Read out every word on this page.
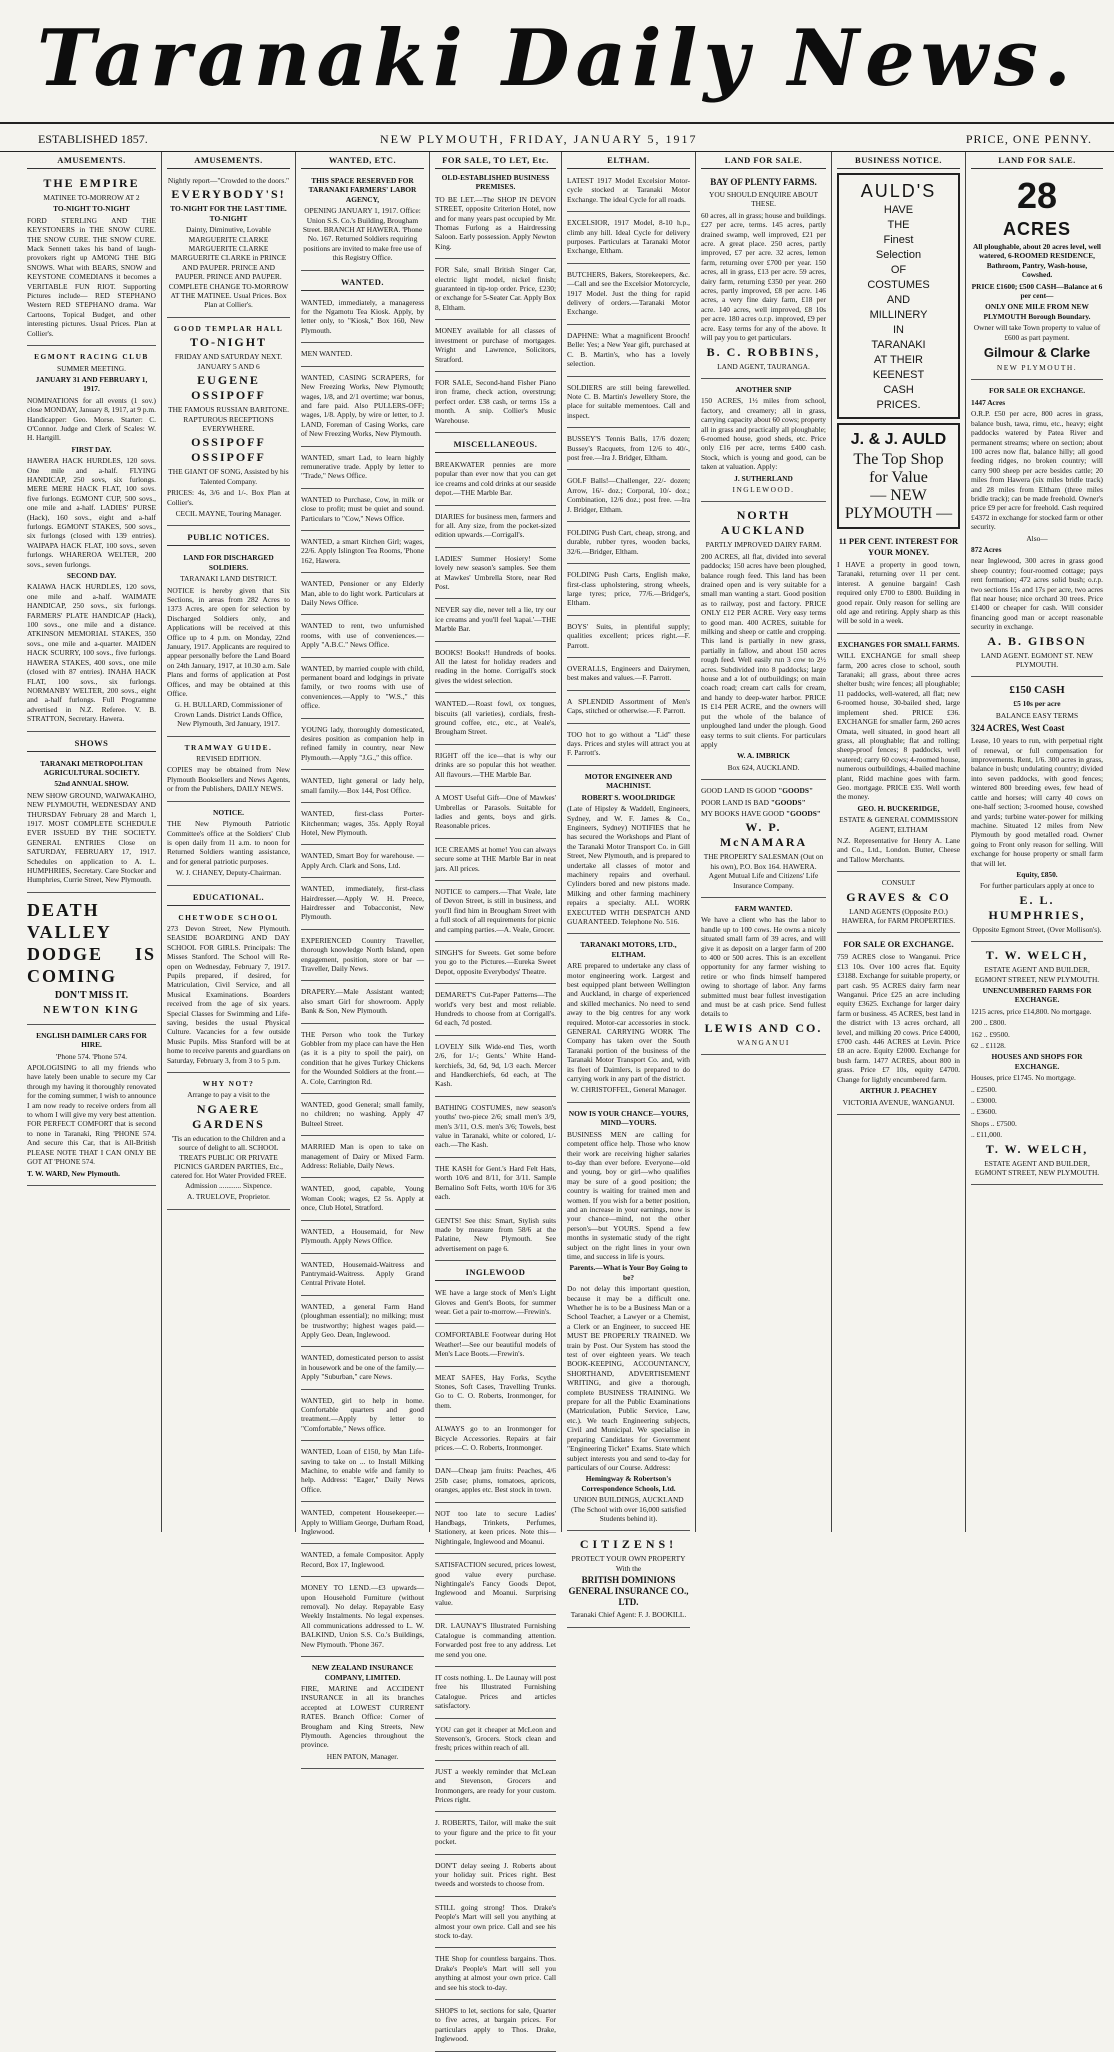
Taranaki Daily News.
ESTABLISHED 1857.	NEW PLYMOUTH, FRIDAY, JANUARY 5, 1917	PRICE, ONE PENNY.
AMUSEMENTS.

THE EMPIRE

MATINEE TO-MORROW AT 2

TO-NIGHT TO-NIGHT

FORD STERLING AND THE KEYSTONERS in THE SNOW CURE. THE SNOW CURE. THE SNOW CURE. Mack Sennett takes his band of laugh-provokers right up AMONG THE BIG SNOWS. What with BEARS, SNOW and KEYSTONE COMEDIANS it becomes a VERITABLE FUN RIOT. Supporting Pictures include— RED STEPHANO Western RED STEPHANO drama. War Cartoons, Topical Budget, and other interesting pictures. Usual Prices. Plan at Collier's.

EGMONT RACING CLUB

SUMMER MEETING.

JANUARY 31 AND FEBRUARY 1, 1917.

NOMINATIONS for all events (1 sov.) close MONDAY, January 8, 1917, at 9 p.m. Handicapper: Geo. Morse. Starter: C. O'Connor. Judge and Clerk of Scales: W. H. Hartgill.

FIRST DAY.

HAWERA HACK HURDLES, 120 sovs. One mile and a-half. FLYING HANDICAP, 250 sovs, six furlongs. MERE MERE HACK FLAT, 100 sovs. five furlongs. EGMONT CUP, 500 sovs., one mile and a-half. LADIES' PURSE (Hack), 160 sovs., eight and a-half furlongs. EGMONT STAKES, 500 sovs., six furlongs (closed with 139 entries). WAIPAPA HACK FLAT, 100 sovs., seven furlongs. WHAREROA WELTER, 200 sovs., seven furlongs.

SECOND DAY.

KAIAWA HACK HURDLES, 120 sovs, one mile and a-half. WAIMATE HANDICAP, 250 sovs., six furlongs. FARMERS' PLATE HANDICAP (Hack), 100 sovs., one mile and a distance. ATKINSON MEMORIAL STAKES, 350 sovs., one mile and a-quarter. MAIDEN HACK SCURRY, 100 sovs., five furlongs. HAWERA STAKES, 400 sovs., one mile (closed with 87 entries). INAHA HACK FLAT, 100 sovs., six furlongs. NORMANBY WELTER, 200 sovs., eight and a-half furlongs. Full Programme advertised in N.Z. Referee. V. B. STRATTON, Secretary. Hawera.

SHOWS

TARANAKI METROPOLITAN AGRICULTURAL SOCIETY.

52nd ANNUAL SHOW.

NEW SHOW GROUND, WAIWAKAIHO, NEW PLYMOUTH, WEDNESDAY AND THURSDAY February 28 and March 1, 1917. MOST COMPLETE SCHEDULE EVER ISSUED BY THE SOCIETY. GENERAL ENTRIES Close on SATURDAY, FEBRUARY 17, 1917. Schedules on application to A. L. HUMPHRIES, Secretary. Care Stocker and Humphries, Currie Street, New Plymouth.

DEATH VALLEY DODGE IS COMING

DON'T MISS IT.

NEWTON KING

ENGLISH DAIMLER CARS FOR HIRE.

'Phone 574. 'Phone 574.

APOLOGISING to all my friends who have lately been unable to secure my Car through my having it thoroughly renovated for the coming summer, I wish to announce I am now ready to receive orders from all to whom I will give my very best attention. FOR PERFECT COMFORT that is second to none in Taranaki, Ring 'PHONE 574. And secure this Car, that is All-British PLEASE NOTE THAT I CAN ONLY BE GOT AT 'PHONE 574.

T. W. WARD, New Plymouth.

AMUSEMENTS.

Nightly report—"Crowded to the doors."

EVERYBODY'S!

TO-NIGHT FOR THE LAST TIME. TO-NIGHT

Dainty, Diminutive, Lovable MARGUERITE CLARKE MARGUERITE CLARKE MARGUERITE CLARKE in PRINCE AND PAUPER. PRINCE AND PAUPER. PRINCE AND PAUPER. COMPLETE CHANGE TO-MORROW AT THE MATINEE. Usual Prices. Box Plan at Collier's.

GOOD TEMPLAR HALL

TO-NIGHT

FRIDAY AND SATURDAY NEXT. JANUARY 5 AND 6

EUGENE OSSIPOFF

THE FAMOUS RUSSIAN BARITONE. RAPTUROUS RECEPTIONS EVERYWHERE.

OSSIPOFF OSSIPOFF

THE GIANT OF SONG, Assisted by his Talented Company.

PRICES: 4s, 3/6 and 1/-. Box Plan at Collier's.

CECIL MAYNE, Touring Manager.

PUBLIC NOTICES.

LAND FOR DISCHARGED SOLDIERS.

TARANAKI LAND DISTRICT.

NOTICE is hereby given that Six Sections, in areas from 282 Acres to 1373 Acres, are open for selection by Discharged Soldiers only, and Applications will be received at this Office up to 4 p.m. on Monday, 22nd January, 1917. Applicants are required to appear personally before the Land Board on 24th January, 1917, at 10.30 a.m. Sale Plans and forms of application at Post Offices, and may be obtained at this Office.

G. H. BULLARD, Commissioner of Crown Lands. District Lands Office, New Plymouth, 3rd January, 1917.

TRAMWAY GUIDE.

REVISED EDITION.

COPIES may be obtained from New Plymouth Booksellers and News Agents, or from the Publishers, DAILY NEWS.

NOTICE.

THE New Plymouth Patriotic Committee's office at the Soldiers' Club is open daily from 11 a.m. to noon for Returned Soldiers wanting assistance, and for general patriotic purposes.

W. J. CHANEY, Deputy-Chairman.

EDUCATIONAL.

CHETWODE SCHOOL

273 Devon Street, New Plymouth. SEASIDE BOARDING AND DAY SCHOOL FOR GIRLS. Principals: The Misses Stanford. The School will Re-open on Wednesday, February 7, 1917. Pupils prepared, if desired, for Matriculation, Civil Service, and all Musical Examinations. Boarders received from the age of six years. Special Classes for Swimming and Life-saving, besides the usual Physical Culture. Vacancies for a few outside Music Pupils. Miss Stanford will be at home to receive parents and guardians on Saturday, February 3, from 3 to 5 p.m.

WHY NOT?

Arrange to pay a visit to the

NGAERE GARDENS

'Tis an education to the Children and a source of delight to all. SCHOOL TREATS PUBLIC OR PRIVATE PICNICS GARDEN PARTIES, Etc., catered for. Hot Water Provided FREE. Admission ............ Sixpence.

A. TRUELOVE, Proprietor.

WANTED, ETC.

THIS SPACE RESERVED FOR TARANAKI FARMERS' LABOR AGENCY,

OPENING JANUARY 1, 1917. Office: Union S.S. Co.'s Building, Brougham Street. BRANCH AT HAWERA. 'Phone No. 167. Returned Soldiers requiring positions are invited to make free use of this Registry Office.

WANTED.

WANTED, immediately, a manageress for the Ngamotu Tea Kiosk. Apply, by letter only, to "Kiosk," Box 160, New Plymouth.

MEN WANTED.

WANTED, CASING SCRAPERS, for New Freezing Works, New Plymouth; wages, 1/8, and 2/1 overtime; war bonus, and fare paid. Also PULLERS-OFF; wages, 1/8. Apply, by wire or letter, to J. LAND, Foreman of Casing Works, care of New Freezing Works, New Plymouth.

WANTED, smart Lad, to learn highly remunerative trade. Apply by letter to "Trade," News Office.

WANTED to Purchase, Cow, in milk or close to profit; must be quiet and sound. Particulars to "Cow," News Office.

WANTED, a smart Kitchen Girl; wages, 22/6. Apply Islington Tea Rooms, 'Phone 162, Hawera.

WANTED, Pensioner or any Elderly Man, able to do light work. Particulars at Daily News Office.

WANTED to rent, two unfurnished rooms, with use of conveniences.—Apply "A.B.C." News Office.

WANTED, by married couple with child, permanent board and lodgings in private family, or two rooms with use of conveniences.—Apply to "W.S.," this office.

YOUNG lady, thoroughly domesticated, desires position as companion help in refined family in country, near New Plymouth.—Apply "J.G.," this office.

WANTED, light general or lady help, small family.—Box 144, Post Office.

WANTED, first-class Porter-Kitchenman; wages, 35s. Apply Royal Hotel, New Plymouth.

WANTED, Smart Boy for warehouse. —Apply Arch. Clark and Sons, Ltd.

WANTED, immediately, first-class Hairdresser.—Apply W. H. Preece, Hairdresser and Tobacconist, New Plymouth.

EXPERIENCED Country Traveller, thorough knowledge North Island, open engagement, position, store or bar —Traveller, Daily News.

DRAPERY.—Male Assistant wanted; also smart Girl for showroom. Apply Bank & Son, New Plymouth.

THE Person who took the Turkey Gobbler from my place can have the Hen (as it is a pity to spoil the pair), on condition that he gives Turkey Chickens for the Wounded Soldiers at the front.—A. Cole, Carrington Rd.

WANTED, good General; small family, no children; no washing. Apply 47 Bulteel Street.

MARRIED Man is open to take on management of Dairy or Mixed Farm. Address: Reliable, Daily News.

WANTED, good, capable, Young Woman Cook; wages, £2 5s. Apply at once, Club Hotel, Stratford.

WANTED, a Housemaid, for New Plymouth. Apply News Office.

WANTED, Housemaid-Waitress and Pantrymaid-Waitress. Apply Grand Central Private Hotel.

WANTED, a general Farm Hand (ploughman essential); no milking; must be trustworthy; highest wages paid.—Apply Geo. Dean, Inglewood.

WANTED, domesticated person to assist in housework and be one of the family.—Apply "Suburban," care News.

WANTED, girl to help in home. Comfortable quarters and good treatment.—Apply by letter to "Comfortable," News office.

WANTED, Loan of £150, by Man Life-saving to take on ... to Install Milking Machine, to enable wife and family to help. Address: "Eager," Daily News Office.

WANTED, competent Housekeeper.—Apply to William George, Durham Road, Inglewood.

WANTED, a female Compositor. Apply Record, Box 17, Inglewood.

MONEY TO LEND.—£3 upwards—upon Household Furniture (without removal). No delay. Repayable Easy Weekly Instalments. No legal expenses. All communications addressed to L. W. BALKIND, Union S.S. Co.'s Buildings, New Plymouth. 'Phone 367.

NEW ZEALAND INSURANCE COMPANY, LIMITED.

FIRE, MARINE and ACCIDENT INSURANCE in all its branches accepted at LOWEST CURRENT RATES. Branch Office: Corner of Brougham and King Streets, New Plymouth. Agencies throughout the province.

HEN PATON, Manager.

FOR SALE, TO LET, Etc.

OLD-ESTABLISHED BUSINESS PREMISES.

TO BE LET.—The SHOP IN DEVON STREET, opposite Criterion Hotel, now and for many years past occupied by Mr. Thomas Furlong as a Hairdressing Saloon. Early possession. Apply Newton King.

FOR Sale, small British Singer Car, electric light model, nickel finish; guaranteed in tip-top order. Price, £230; or exchange for 5-Seater Car. Apply Box 8, Eltham.

MONEY available for all classes of investment or purchase of mortgages. Wright and Lawrence, Solicitors, Stratford.

FOR SALE, Second-hand Fisher Piano iron frame, check action, overstrung; perfect order. £38 cash, or terms 15s a month. A snip. Collier's Music Warehouse.

MISCELLANEOUS.

BREAKWATER pennies are more popular than ever now that you can get ice creams and cold drinks at our seaside depot.—THE Marble Bar.

DIARIES for business men, farmers and for all. Any size, from the pocket-sized edition upwards.—Corrigall's.

LADIES' Summer Hosiery! Some lovely new season's samples. See them at Mawkes' Umbrella Store, near Red Post.

NEVER say die, never tell a lie, try our ice creams and you'll feel 'kapai.'—THE Marble Bar.

BOOKS! Books!! Hundreds of books. All the latest for holiday readers and reading in the home. Corrigall's stock gives the widest selection.

WANTED.—Roast fowl, ox tongues, biscuits (all varieties), cordials, fresh-ground coffee, etc., etc., at Veale's, Brougham Street.

RIGHT off the ice—that is why our drinks are so popular this hot weather. All flavours.—THE Marble Bar.

A MOST Useful Gift—One of Mawkes' Umbrellas or Parasols. Suitable for ladies and gents, boys and girls. Reasonable prices.

ICE CREAMS at home! You can always secure some at THE Marble Bar in neat jars. All prices.

NOTICE to campers.—That Veale, late of Devon Street, is still in business, and you'll find him in Brougham Street with a full stock of all requirements for picnic and camping parties.—A. Veale, Grocer.

SINGH'S for Sweets. Get some before you go to the Pictures.—Eureka Sweet Depot, opposite Everybodys' Theatre.

DEMARET'S Cut-Paper Patterns—The world's very best and most reliable. Hundreds to choose from at Corrigall's. 6d each, 7d posted.

LOVELY Silk Wide-end Ties, worth 2/6, for 1/-; Gents.' White Hand-kerchiefs, 3d, 6d, 9d, 1/3 each. Mercer and Handkerchiefs, 6d each, at The Kash.

BATHING COSTUMES, new season's youths' two-piece 2/6; small men's 3/9, men's 3/11, O.S. men's 3/6; Towels, best value in Taranaki, white or colored, 1/- each.—The Kash.

THE KASH for Gent.'s Hard Felt Hats, worth 10/6 and 8/11, for 3/11. Sample Bernalino Soft Felts, worth 10/6 for 3/6 each.

GENTS! See this: Smart, Stylish suits made by measure from 58/6 at the Palatine, New Plymouth. See advertisement on page 6.

INGLEWOOD

WE have a large stock of Men's Light Gloves and Gent's Boots, for summer wear. Get a pair to-morrow.—Frewin's.

COMFORTABLE Footwear during Hot Weather!—See our beautiful models of Men's Lace Boots.—Frewin's.

MEAT SAFES, Hay Forks, Scythe Stones, Soft Cases, Travelling Trunks. Go to C. O. Roberts, Ironmonger, for them.

ALWAYS go to an Ironmonger for Bicycle Accessories. Repairs at fair prices.—C. O. Roberts, Ironmonger.

DAN—Cheap jam fruits: Peaches, 4/6 25lb case; plums, tomatoes, apricots, oranges, apples etc. Best stock in town.

NOT too late to secure Ladies' Handbags, Trinkets, Perfumes, Stationery, at keen prices. Note this—Nightingale, Inglewood and Moanui.

SATISFACTION secured, prices lowest, good value every purchase. Nightingale's Fancy Goods Depot, Inglewood and Moanui. Surprising value.

DR. LAUNAY'S Illustrated Furnishing Catalogue is commanding attention. Forwarded post free to any address. Let me send you one.

IT costs nothing. L. De Launay will post free his Illustrated Furnishing Catalogue. Prices and articles satisfactory.

YOU can get it cheaper at McLeon and Stevenson's, Grocers. Stock clean and fresh; prices within reach of all.

JUST a weekly reminder that McLean and Stevenson, Grocers and Ironmongers, are ready for your custom. Prices right.

J. ROBERTS, Tailor, will make the suit to your figure and the price to fit your pocket.

DON'T delay seeing J. Roberts about your holiday suit. Prices right. Best tweeds and worsteds to choose from.

STILL going strong! Thos. Drake's People's Mart will sell you anything at almost your own price. Call and see his stock to-day.

THE Shop for countless bargains. Thos. Drake's People's Mart will sell you anything at almost your own price. Call and see his stock to-day.

SHOPS to let, sections for sale, Quarter to five acres, at bargain prices. For particulars apply to Thos. Drake, Inglewood.

ELTHAM.

LATEST 1917 Model Excelsior Motor-cycle stocked at Taranaki Motor Exchange. The ideal Cycle for all roads.

EXCELSIOR, 1917 Model, 8-10 h.p., climb any hill. Ideal Cycle for delivery purposes. Particulars at Taranaki Motor Exchange, Eltham.

BUTCHERS, Bakers, Storekeepers, &c. —Call and see the Excelsior Motorcycle, 1917 Model. Just the thing for rapid delivery of orders.—Taranaki Motor Exchange.

DAPHNE: What a magnificent Brooch! Belle: Yes; a New Year gift, purchased at C. B. Martin's, who has a lovely selection.

SOLDIERS are still being farewelled. Note C. B. Martin's Jewellery Store, the place for suitable mementoes. Call and inspect.

BUSSEY'S Tennis Balls, 17/6 dozen; Bussey's Racquets, from 12/6 to 40/-, post free.—Ira J. Bridger, Eltham.

GOLF Balls!—Challenger, 22/- dozen; Arrow, 16/- doz.; Corporal, 10/- doz.; Combination, 12/6 doz.; post free. —Ira J. Bridger, Eltham.

FOLDING Push Cart, cheap, strong, and durable, rubber tyres, wooden backs, 32/6.—Bridger, Eltham.

FOLDING Push Carts, English make, first-class upholstering, strong wheels, large tyres; price, 77/6.—Bridger's, Eltham.

BOYS' Suits, in plentiful supply; qualities excellent; prices right.—F. Parrott.

OVERALLS, Engineers and Dairymen, best makes and values.—F. Parrott.

A SPLENDID Assortment of Men's Caps, stitched or otherwise.—F. Parrott.

TOO hot to go without a "Lid" these days. Prices and styles will attract you at F. Parrott's.

MOTOR ENGINEER AND MACHINIST.

ROBERT S. WOOLDRIDGE

(Late of Hipsley & Waddell, Engineers, Sydney, and W. F. James & Co., Engineers, Sydney) NOTIFIES that he has secured the Workshops and Plant of the Taranaki Motor Transport Co. in Gill Street, New Plymouth, and is prepared to undertake all classes of motor and machinery repairs and overhaul. Cylinders bored and new pistons made. Milking and other farming machinery repairs a specialty. ALL WORK EXECUTED WITH DESPATCH AND GUARANTEED. Telephone No. 516.

TARANAKI MOTORS, LTD., ELTHAM.

ARE prepared to undertake any class of motor engineering work. Largest and best equipped plant between Wellington and Auckland, in charge of experienced and skilled mechanics. No need to send away to the big centres for any work required. Motor-car accessories in stock. GENERAL CARRYING WORK The Company has taken over the South Taranaki portion of the business of the Taranaki Motor Transport Co. and, with its fleet of Daimlers, is prepared to do carrying work in any part of the district.

W. CHRISTOFFEL, General Manager.

NOW IS YOUR CHANCE—YOURS, MIND—YOURS.

BUSINESS MEN are calling for competent office help. Those who know their work are receiving higher salaries to-day than ever before. Everyone—old and young, boy or girl—who qualifies may be sure of a good position; the country is waiting for trained men and women. If you wish for a better position, and an increase in your earnings, now is your chance—mind, not the other person's—but YOURS. Spend a few months in systematic study of the right subject on the right lines in your own time, and success in life is yours.

Parents.—What is Your Boy Going to be?

Do not delay this important question, because it may be a difficult one. Whether he is to be a Business Man or a School Teacher, a Lawyer or a Chemist, a Clerk or an Engineer, to succeed HE MUST BE PROPERLY TRAINED. We train by Post. Our System has stood the test of over eighteen years. We teach BOOK-KEEPING, ACCOUNTANCY, SHORTHAND, ADVERTISEMENT WRITING, and give a thorough, complete BUSINESS TRAINING. We prepare for all the Public Examinations (Matriculation, Public Service, Law, etc.). We teach Engineering subjects, Civil and Municipal. We specialise in preparing Candidates for Government "Engineering Ticket" Exams. State which subject interests you and send to-day for particulars of our Course. Address:

Hemingway & Robertson's Correspondence Schools, Ltd.

UNION BUILDINGS, AUCKLAND (The School with over 16,000 satisfied Students behind it).

CITIZENS!

PROTECT YOUR OWN PROPERTY With the

BRITISH DOMINIONS GENERAL INSURANCE CO., LTD.

Taranaki Chief Agent: F. J. BOOKILL.

LAND FOR SALE.

BAY OF PLENTY FARMS.

YOU SHOULD ENQUIRE ABOUT THESE.

60 acres, all in grass; house and buildings. £27 per acre, terms. 145 acres, partly drained swamp, well improved, £21 per acre. A great place. 250 acres, partly improved, £7 per acre. 32 acres, lemon farm, returning over £700 per year. 150 acres, all in grass, £13 per acre. 59 acres, dairy farm, returning £350 per year. 260 acres, partly improved, £8 per acre. 146 acres, a very fine dairy farm, £18 per acre. 140 acres, well improved, £8 10s per acre. 180 acres o.r.p. improved, £9 per acre. Easy terms for any of the above. It will pay you to get particulars.

B. C. ROBBINS,

LAND AGENT, TAURANGA.

ANOTHER SNIP

150 ACRES, 1½ miles from school, factory, and creamery; all in grass, carrying capacity about 60 cows; property all in grass and practically all ploughable; 6-roomed house, good sheds, etc. Price only £16 per acre, terms £400 cash. Stock, which is young and good, can be taken at valuation. Apply:

J. SUTHERLAND

INGLEWOOD.

NORTH AUCKLAND

PARTLY IMPROVED DAIRY FARM.

200 ACRES, all flat, divided into several paddocks; 150 acres have been ploughed, balance rough feed. This land has been drained open and is very suitable for a small man wanting a start. Good position as to railway, post and factory. PRICE ONLY £12 PER ACRE. Very easy terms to good man. 400 ACRES, suitable for milking and sheep or cattle and cropping. This land is partially in new grass, partially in fallow, and about 150 acres rough feed. Well easily run 3 cow to 2½ acres. Subdivided into 8 paddocks; large house and a lot of outbuildings; on main coach road; cream cart calls for cream, and handy to deep-water harbor. PRICE IS £14 PER ACRE, and the owners will put the whole of the balance of unploughed land under the plough. Good easy terms to suit clients. For particulars apply

W. A. IMBRICK

Box 624, AUCKLAND.

GOOD LAND IS GOOD "GOODS"

POOR LAND IS BAD "GOODS"

MY BOOKS HAVE GOOD "GOODS"

W. P. McNAMARA

THE PROPERTY SALESMAN (Out on his own), P.O. Box 164. HAWERA. Agent Mutual Life and Citizens' Life Insurance Company.

FARM WANTED.

We have a client who has the labor to handle up to 100 cows. He owns a nicely situated small farm of 39 acres, and will give it as deposit on a larger farm of 200 to 400 or 500 acres. This is an excellent opportunity for any farmer wishing to retire or who finds himself hampered owing to shortage of labor. Any farms submitted must bear fullest investigation and must be at cash price. Send fullest details to

LEWIS AND CO.

WANGANUI

BUSINESS NOTICE.

AULD'S

HAVE

THE

Finest

Selection

OF

COSTUMES

AND

MILLINERY

IN

TARANAKI

AT THEIR

KEENEST

CASH

PRICES.

J. & J. AULD

The Top Shop for Value

— NEW PLYMOUTH —

11 PER CENT. INTEREST FOR YOUR MONEY.

I HAVE a property in good town, Taranaki, returning over 11 per cent. interest. A genuine bargain! Cash required only £700 to £800. Building in good repair. Only reason for selling are old age and retiring. Apply sharp as this will be sold in a week.

EXCHANGES FOR SMALL FARMS.

WILL EXCHANGE for small sheep farm, 200 acres close to school, south Taranaki; all grass, about three acres shelter bush; wire fences; all ploughable; 11 paddocks, well-watered, all flat; new 6-roomed house, 30-bailed shed, large implement shed. PRICE £36. EXCHANGE for smaller farm, 260 acres Omata, well situated, in good heart all grass, all ploughable; flat and rolling; sheep-proof fences; 8 paddocks, well watered; carry 60 cows; 4-roomed house, numerous outbuildings, 4-bailed machine plant, Ridd machine goes with farm. Geo. mortgage. PRICE £35. Well worth the money.

GEO. H. BUCKERIDGE,

ESTATE & GENERAL COMMISSION AGENT, ELTHAM

N.Z. Representative for Henry A. Lane and Co., Ltd., London. Butter, Cheese and Tallow Merchants.

CONSULT

GRAVES & CO

LAND AGENTS (Opposite P.O.) HAWERA, for FARM PROPERTIES.

FOR SALE OR EXCHANGE.

759 ACRES close to Wanganui. Price £13 10s. Over 100 acres flat. Equity £3188. Exchange for suitable property, or part cash. 95 ACRES dairy farm near Wanganui. Price £25 an acre including equity £3625. Exchange for larger dairy farm or business. 45 ACRES, best land in the district with 13 acres orchard, all level, and milking 20 cows. Price £4000, £700 cash. 446 ACRES at Levin. Price £8 an acre. Equity £2000. Exchange for bush farm. 1477 ACRES, about 800 in grass. Price £7 10s, equity £4700. Change for lightly encumbered farm.

ARTHUR J. PEACHEY

VICTORIA AVENUE, WANGANUI.

LAND FOR SALE.

28

ACRES

All ploughable, about 20 acres level, well watered, 6-ROOMED RESIDENCE, Bathroom, Pantry, Wash-house, Cowshed.

PRICE £1600; £500 CASH—Balance at 6 per cent—

ONLY ONE MILE FROM NEW PLYMOUTH Borough Boundary.

Owner will take Town property to value of £600 as part payment.

Gilmour & Clarke

NEW PLYMOUTH.

FOR SALE OR EXCHANGE.

1447 Acres

O.R.P. £50 per acre, 800 acres in grass, balance bush, tawa, rimu, etc., heavy; eight paddocks watered by Patea River and permanent streams; where on section; about 100 acres now flat, balance hilly; all good feeding ridges, no broken country; will carry 900 sheep per acre besides cattle; 20 miles from Hawera (six miles bridle track) and 28 miles from Eltham (three miles bridle track); can be made freehold. Owner's price £9 per acre for freehold. Cash required £4372 in exchange for stocked farm or other security.

Also—

872 Acres

near Inglewood, 300 acres in grass good sheep country; four-roomed cottage; pays rent formation; 472 acres solid bush; o.r.p. two sections 15s and 17s per acre, two acres flat near house; nice orchard 30 trees. Price £1400 or cheaper for cash. Will consider financing good man or accept reasonable security in exchange.

A. B. GIBSON

LAND AGENT. EGMONT ST. NEW PLYMOUTH.

£150 CASH

£5 10s per acre

BALANCE EASY TERMS

324 ACRES, West Coast

Lease, 10 years to run, with perpetual right of renewal, or full compensation for improvements. Rent, 1/6. 300 acres in grass, balance in bush; undulating country; divided into seven paddocks, with good fences; wintered 800 breeding ewes, few head of cattle and horses; will carry 40 cows on one-half section; 3-roomed house, cowshed and yards; turbine water-power for milking machine. Situated 12 miles from New Plymouth by good metalled road. Owner going to Front only reason for selling. Will exchange for house property or small farm that will let.

Equity, £850.

For further particulars apply at once to

E. L. HUMPHRIES,

Opposite Egmont Street, (Over Mollison's).

T. W. WELCH,

ESTATE AGENT AND BUILDER, EGMONT STREET, NEW PLYMOUTH.

UNENCUMBERED FARMS FOR EXCHANGE.

1215 acres, price £14,800. No mortgage.

200 .. £800.

162 .. £9500.

62 .. £1128.

HOUSES AND SHOPS FOR EXCHANGE.

Houses, price £1745. No mortgage.

.. £2500.

.. £3000.

.. £3600.

Shops .. £7500.

.. £11,000.

T. W. WELCH,

ESTATE AGENT AND BUILDER, EGMONT STREET, NEW PLYMOUTH.
